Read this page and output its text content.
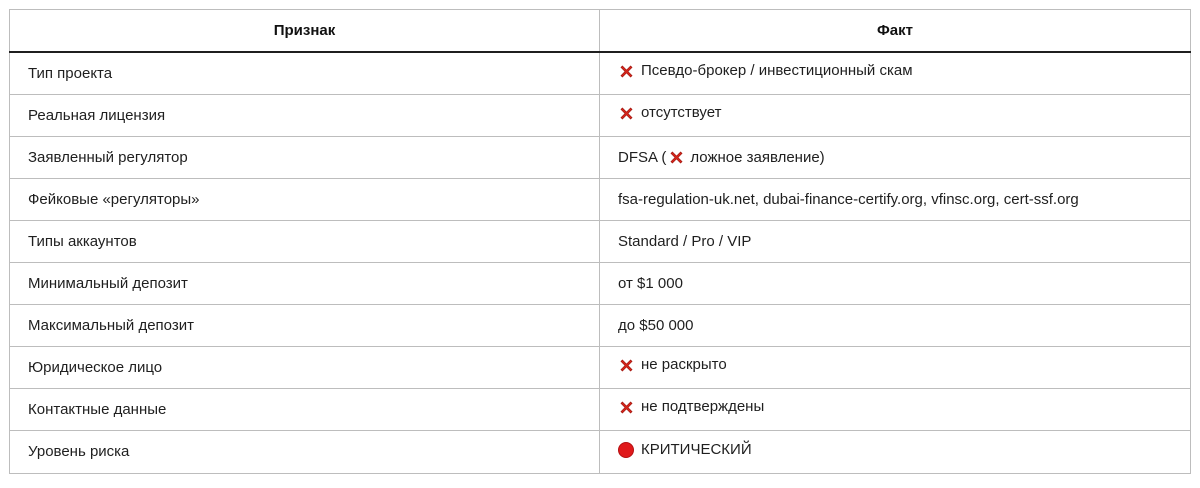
Признак	Факт
Тип проекта	Псевдо-брокер / инвестиционный скам

Реальная лицензия	отсутствует

Заявленный регулятор	DFSA ( ложное заявление)

Фейковые «регуляторы»	fsa-regulation-uk.net, dubai-finance-certify.org, vfinsc.org, cert-ssf.org
Типы аккаунтов	Standard / Pro / VIP
Минимальный депозит	от $1 000
Максимальный депозит	до $50 000
Юридическое лицо	не раскрыто

Контактные данные	не подтверждены

Уровень риска	КРИТИЧЕСКИЙ
